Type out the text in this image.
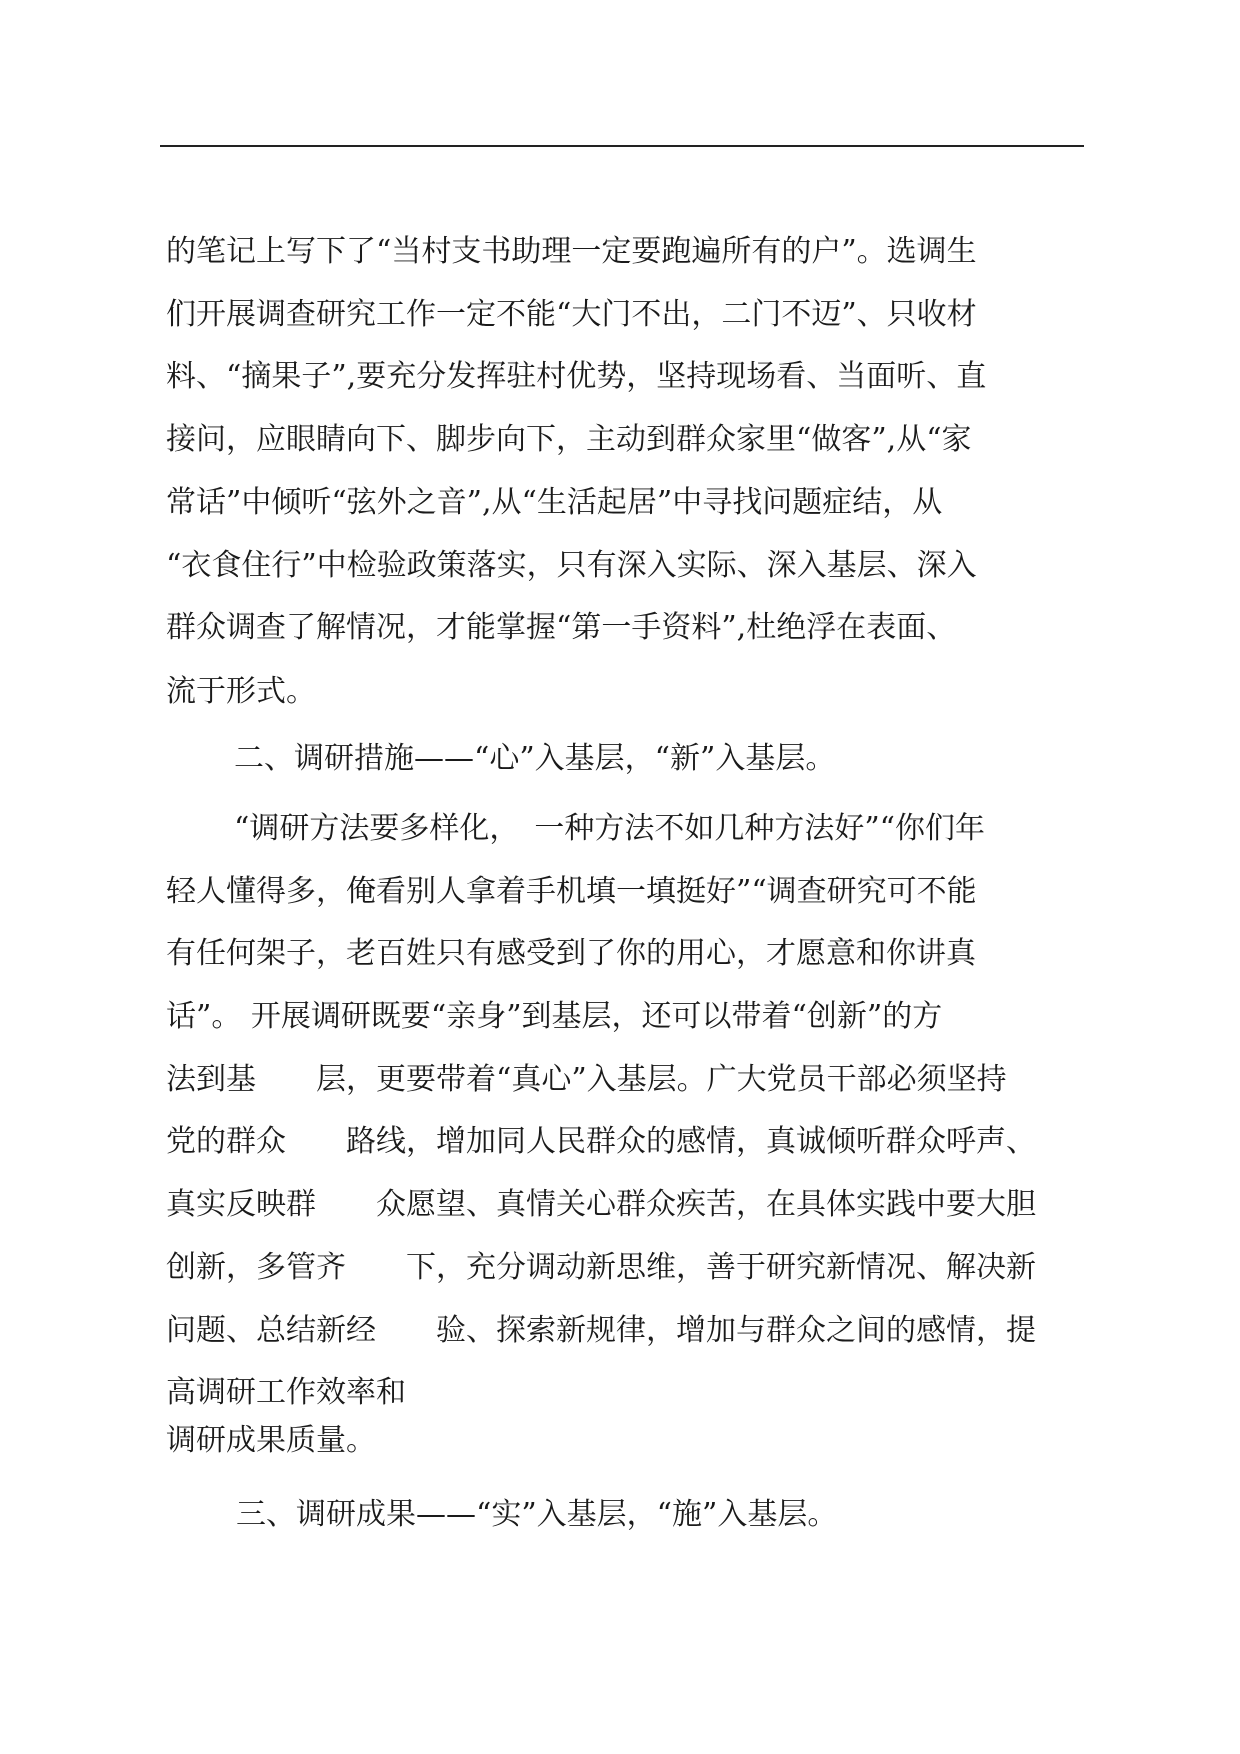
的笔记上写下了“当村支书助理一定要跑遍所有的户”。选调生
们开展调查研究工作一定不能“大门不出，二门不迈”、只收材
料、“摘果子”,要充分发挥驻村优势，坚持现场看、当面听、直
接问，应眼睛向下、脚步向下，主动到群众家里“做客”,从“家
常话”中倾听“弦外之音”,从“生活起居”中寻找问题症结，从
“衣食住行”中检验政策落实，只有深入实际、深入基层、深入
群众调查了解情况，才能掌握“第一手资料”,杜绝浮在表面、
流于形式。
二、调研措施——“心”入基层，“新”入基层。
“调研方法要多样化，　一种方法不如几种方法好”“你们年
轻人懂得多，俺看别人拿着手机填一填挺好”“调查研究可不能
有任何架子，老百姓只有感受到了你的用心，才愿意和你讲真
话”。 开展调研既要“亲身”到基层，还可以带着“创新”的方
法到基　　层，更要带着“真心”入基层。广大党员干部必须坚持
党的群众　　路线，增加同人民群众的感情，真诚倾听群众呼声、
真实反映群　　众愿望、真情关心群众疾苦，在具体实践中要大胆
创新，多管齐　　下，充分调动新思维，善于研究新情况、解决新
问题、总结新经　　验、探索新规律，增加与群众之间的感情，提
高调研工作效率和
调研成果质量。
三、调研成果——“实”入基层，“施”入基层。
